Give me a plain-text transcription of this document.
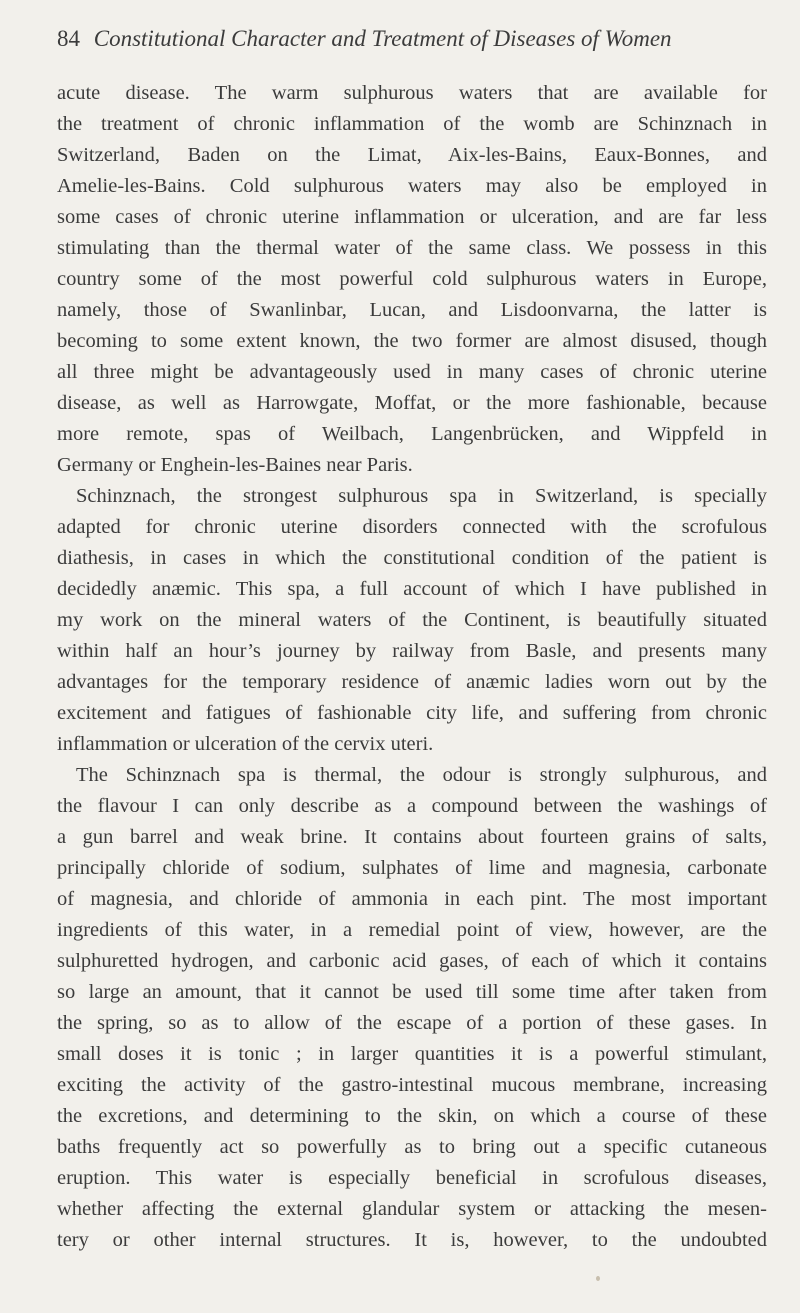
84 Constitutional Character and Treatment of Diseases of Women
acute disease. The warm sulphurous waters that are available for
the treatment of chronic inflammation of the womb are Schinznach in
Switzerland, Baden on the Limat, Aix-les-Bains, Eaux-Bonnes, and
Amelie-les-Bains. Cold sulphurous waters may also be employed in
some cases of chronic uterine inflammation or ulceration, and are far less
stimulating than the thermal water of the same class. We possess in this
country some of the most powerful cold sulphurous waters in Europe,
namely, those of Swanlinbar, Lucan, and Lisdoonvarna, the latter is
becoming to some extent known, the two former are almost disused, though
all three might be advantageously used in many cases of chronic uterine
disease, as well as Harrowgate, Moffat, or the more fashionable, because
more remote, spas of Weilbach, Langenbrücken, and Wippfeld in
Germany or Enghein-les-Baines near Paris.
Schinznach, the strongest sulphurous spa in Switzerland, is specially
adapted for chronic uterine disorders connected with the scrofulous
diathesis, in cases in which the constitutional condition of the patient is
decidedly anæmic. This spa, a full account of which I have published in
my work on the mineral waters of the Continent, is beautifully situated
within half an hour’s journey by railway from Basle, and presents many
advantages for the temporary residence of anæmic ladies worn out by the
excitement and fatigues of fashionable city life, and suffering from chronic
inflammation or ulceration of the cervix uteri.
The Schinznach spa is thermal, the odour is strongly sulphurous, and
the flavour I can only describe as a compound between the washings of
a gun barrel and weak brine. It contains about fourteen grains of salts,
principally chloride of sodium, sulphates of lime and magnesia, carbonate
of magnesia, and chloride of ammonia in each pint. The most important
ingredients of this water, in a remedial point of view, however, are the
sulphuretted hydrogen, and carbonic acid gases, of each of which it contains
so large an amount, that it cannot be used till some time after taken from
the spring, so as to allow of the escape of a portion of these gases. In
small doses it is tonic ; in larger quantities it is a powerful stimulant,
exciting the activity of the gastro-intestinal mucous membrane, increasing
the excretions, and determining to the skin, on which a course of these
baths frequently act so powerfully as to bring out a specific cutaneous
eruption. This water is especially beneficial in scrofulous diseases,
whether affecting the external glandular system or attacking the mesen-
tery or other internal structures. It is, however, to the undoubted
